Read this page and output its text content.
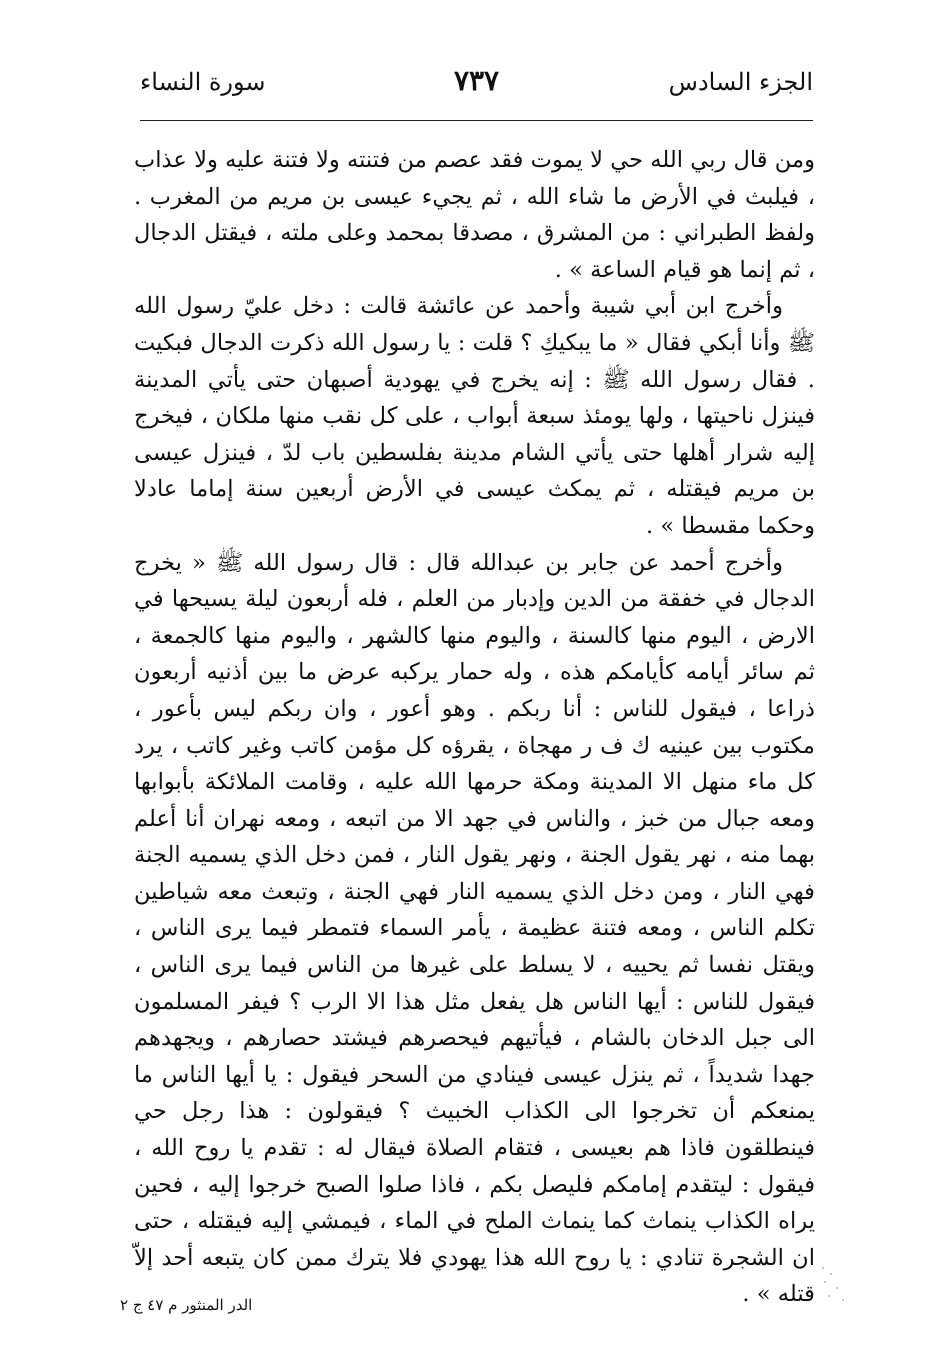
الجزء السادس
٧٣٧
سورة النساء

ومن قال ربي الله حي لا يموت فقد عصم من فتنته ولا فتنة عليه ولا عذاب ، فيلبث في الأرض ما شاء الله ، ثم يجيء عيسى بن مريم من المغرب . ولفظ الطبراني : من المشرق ، مصدقا بمحمد وعلى ملته ، فيقتل الدجال ، ثم إنما هو قيام الساعة » .

وأخرج ابن أبي شيبة وأحمد عن عائشة قالت : دخل عليّ رسول الله ﷺ وأنا أبكي فقال « ما يبكيكِ ؟ قلت : يا رسول الله ذكرت الدجال فبكيت . فقال رسول الله ﷺ : إنه يخرج في يهودية أصبهان حتى يأتي المدينة فينزل ناحيتها ، ولها يومئذ سبعة أبواب ، على كل نقب منها ملكان ، فيخرج إليه شرار أهلها حتى يأتي الشام مدينة بفلسطين باب لدّ ، فينزل عيسى بن مريم فيقتله ، ثم يمكث عيسى في الأرض أربعين سنة إماما عادلا وحكما مقسطا » .

وأخرج أحمد عن جابر بن عبدالله قال : قال رسول الله ﷺ « يخرج الدجال في خفقة من الدين وإدبار من العلم ، فله أربعون ليلة يسيحها في الارض ، اليوم منها كالسنة ، واليوم منها كالشهر ، واليوم منها كالجمعة ، ثم سائر أيامه كأيامكم هذه ، وله حمار يركبه عرض ما بين أذنيه أربعون ذراعا ، فيقول للناس : أنا ربكم . وهو أعور ، وان ربكم ليس بأعور ، مكتوب بين عينيه ك ف ر مهجاة ، يقرؤه كل مؤمن كاتب وغير كاتب ، يرد كل ماء منهل الا المدينة ومكة حرمها الله عليه ، وقامت الملائكة بأبوابها ومعه جبال من خبز ، والناس في جهد الا من اتبعه ، ومعه نهران أنا أعلم بهما منه ، نهر يقول الجنة ، ونهر يقول النار ، فمن دخل الذي يسميه الجنة فهي النار ، ومن دخل الذي يسميه النار فهي الجنة ، وتبعث معه شياطين تكلم الناس ، ومعه فتنة عظيمة ، يأمر السماء فتمطر فيما يرى الناس ، ويقتل نفسا ثم يحييه ، لا يسلط على غيرها من الناس فيما يرى الناس ، فيقول للناس : أيها الناس هل يفعل مثل هذا الا الرب ؟ فيفر المسلمون الى جبل الدخان بالشام ، فيأتيهم فيحصرهم فيشتد حصارهم ، ويجهدهم جهدا شديداً ، ثم ينزل عيسى فينادي من السحر فيقول : يا أيها الناس ما يمنعكم أن تخرجوا الى الكذاب الخبيث ؟ فيقولون : هذا رجل حي فينطلقون فاذا هم بعيسى ، فتقام الصلاة فيقال له : تقدم يا روح الله ، فيقول : ليتقدم إمامكم فليصل بكم ، فاذا صلوا الصبح خرجوا إليه ، فحين يراه الكذاب ينماث كما ينماث الملح في الماء ، فيمشي إليه فيقتله ، حتى ان الشجرة تنادي : يا روح الله هذا يهودي فلا يترك ممن كان يتبعه أحد إلاّ قتله » .

الدر المنثور م ٤٧ ج ٢
